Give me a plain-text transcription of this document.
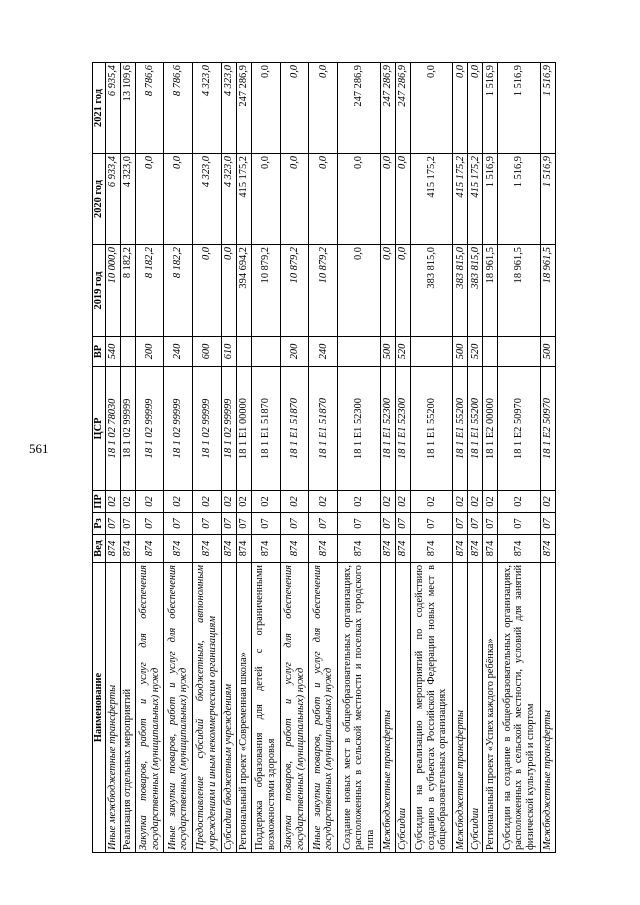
561
Наименование	Вед	Рз	ПР	ЦСР	ВР	2019 год	2020 год	2021 год
Иные межбюджетные трансферты	874	07	02	18 1 02 78030	540	10 000,0	6 933,4	6 935,4
Реализация отдельных мероприятий	874	07	02	18 1 02 99999		8 182,2	4 323,0	13 109,6
Закупка товаров, работ и услуг для обеспечения государственных (муниципальных) нужд	874	07	02	18 1 02 99999	200	8 182,2	0,0	8 786,6
Иные закупки товаров, работ и услуг для обеспечения государственных (муниципальных) нужд	874	07	02	18 1 02 99999	240	8 182,2	0,0	8 786,6
Предоставление субсидий бюджетным, автономным учреждениям и иным некоммерческим организациям	874	07	02	18 1 02 99999	600	0,0	4 323,0	4 323,0
Субсидии бюджетным учреждениям	874	07	02	18 1 02 99999	610	0,0	4 323,0	4 323,0
Региональный проект «Современная школа»	874	07	02	18 1 E1 00000		394 694,2	415 175,2	247 286,9
Поддержка образования для детей с ограниченными возможностями здоровья	874	07	02	18 1 E1 51870		10 879,2	0,0	0,0
Закупка товаров, работ и услуг для обеспечения государственных (муниципальных) нужд	874	07	02	18 1 E1 51870	200	10 879,2	0,0	0,0
Иные закупки товаров, работ и услуг для обеспечения государственных (муниципальных) нужд	874	07	02	18 1 E1 51870	240	10 879,2	0,0	0,0
Создание новых мест в общеобразовательных организациях, расположенных в сельской местности и поселках городского типа	874	07	02	18 1 E1 52300		0,0	0,0	247 286,9
Межбюджетные трансферты	874	07	02	18 1 E1 52300	500	0,0	0,0	247 286,9
Субсидии	874	07	02	18 1 E1 52300	520	0,0	0,0	247 286,9
Субсидии на реализацию мероприятий по содействию созданию в субъектах Российской Федерации новых мест в общеобразовательных организациях	874	07	02	18 1 E1 55200		383 815,0	415 175,2	0,0
Межбюджетные трансферты	874	07	02	18 1 E1 55200	500	383 815,0	415 175,2	0,0
Субсидии	874	07	02	18 1 E1 55200	520	383 815,0	415 175,2	0,0
Региональный проект «Успех каждого ребёнка»	874	07	02	18 1 E2 00000		18 961,5	1 516,9	1 516,9
Субсидии на создание в общеобразовательных организациях, расположенных в сельской местности, условий для занятий физической культурой и спортом	874	07	02	18 1 E2 50970		18 961,5	1 516,9	1 516,9
Межбюджетные трансферты	874	07	02	18 1 E2 50970	500	18 961,5	1 516,9	1 516,9
